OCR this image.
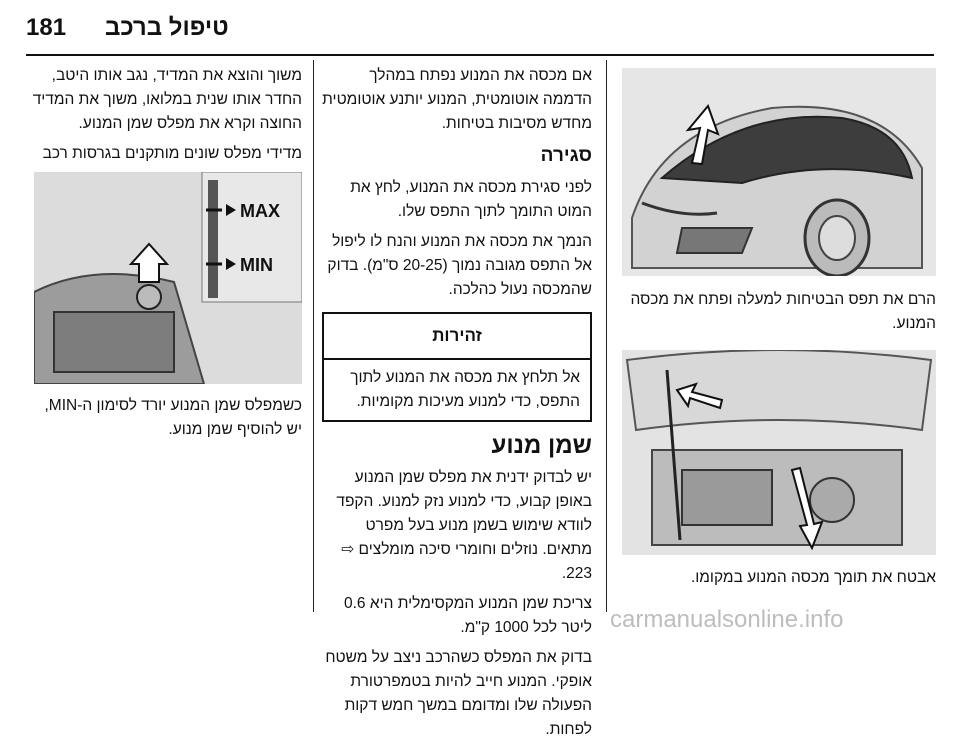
181 טיפול ברכב

הרם את תפס הבטיחות למעלה ופתח את מכסה המנוע.

אבטח את תומך מכסה המנוע במקומו.

אם מכסה את המנוע נפתח במהלך הדממה אוטומטית, המנוע יותנע אוטומטית מחדש מסיבות בטיחות.

סגירה

לפני סגירת מכסה את המנוע, לחץ את המוט התומך לתוך התפס שלו.

הנמך את מכסה את המנוע והנח לו ליפול אל התפס מגובה נמוך (20-25 ס"מ). בדוק שהמכסה נעול כהלכה.

זהירות
אל תלחץ את מכסה את המנוע לתוך התפס, כדי למנוע מעיכות מקומיות.
שמן מנוע

יש לבדוק ידנית את מפלס שמן המנוע באופן קבוע, כדי למנוע נזק למנוע. הקפד לוודא שימוש בשמן מנוע בעל מפרט מתאים. נוזלים וחומרי סיכה מומלצים ⇨ 223.

צריכת שמן המנוע המקסימלית היא 0.6 ליטר לכל 1000 ק"מ.

בדוק את המפלס כשהרכב ניצב על משטח אופקי. המנוע חייב להיות בטמפרטורת הפעולה שלו ומדומם במשך חמש דקות לפחות.

משוך והוצא את המדיד, נגב אותו היטב, החדר אותו שנית במלואו, משוך את המדיד החוצה וקרא את מפלס שמן המנוע.

מדידי מפלס שונים מותקנים בגרסות רכב

MAX
MIN

כשמפלס שמן המנוע יורד לסימון ה-MIN, יש להוסיף שמן מנוע.

carmanualsonline.info
